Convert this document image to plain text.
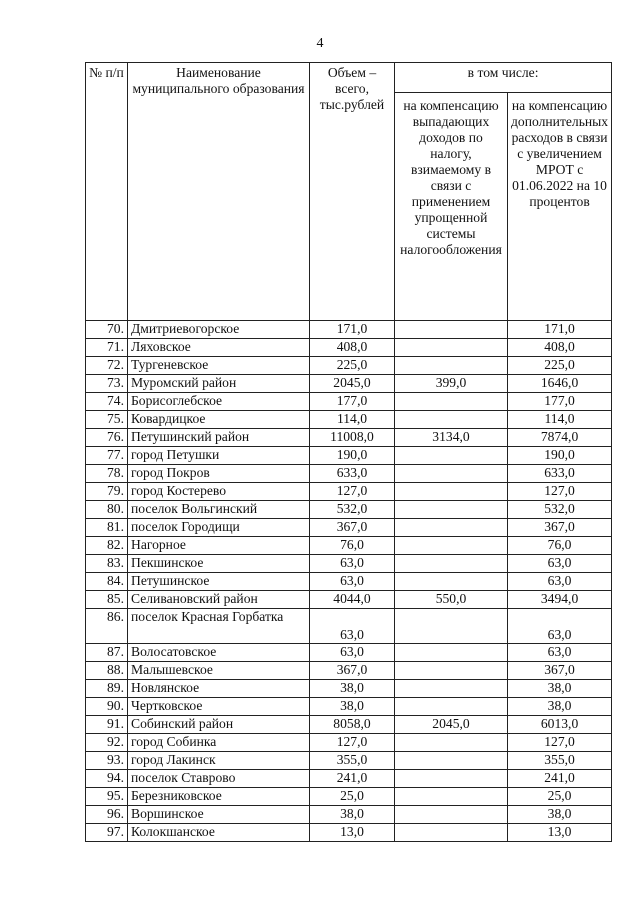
4
№ п/п	Наименование муниципального образования	Объем – всего, тыс.рублей	в том числе:	
			на компенсацию выпадающих доходов по налогу, взимаемому в связи с применением упрощенной системы налогообложения	на компенсацию дополнительных расходов в связи с увеличением МРОТ с 01.06.2022 на 10 процентов
70.	Дмитриевогорское	171,0		171,0
71.	Ляховское	408,0		408,0
72.	Тургеневское	225,0		225,0
73.	Муромский район	2045,0	399,0	1646,0
74.	Борисоглебское	177,0		177,0
75.	Ковардицкое	114,0		114,0
76.	Петушинский район	11008,0	3134,0	7874,0
77.	город Петушки	190,0		190,0
78.	город Покров	633,0		633,0
79.	город Костерево	127,0		127,0
80.	поселок Вольгинский	532,0		532,0
81.	поселок Городищи	367,0		367,0
82.	Нагорное	76,0		76,0
83.	Пекшинское	63,0		63,0
84.	Петушинское	63,0		63,0
85.	Селивановский район	4044,0	550,0	3494,0
86.	поселок Красная Горбатка	63,0		63,0
87.	Волосатовское	63,0		63,0
88.	Малышевское	367,0		367,0
89.	Новлянское	38,0		38,0
90.	Чертковское	38,0		38,0
91.	Собинский район	8058,0	2045,0	6013,0
92.	город Собинка	127,0		127,0
93.	город Лакинск	355,0		355,0
94.	поселок Ставрово	241,0		241,0
95.	Березниковское	25,0		25,0
96.	Воршинское	38,0		38,0
97.	Колокшанское	13,0		13,0
